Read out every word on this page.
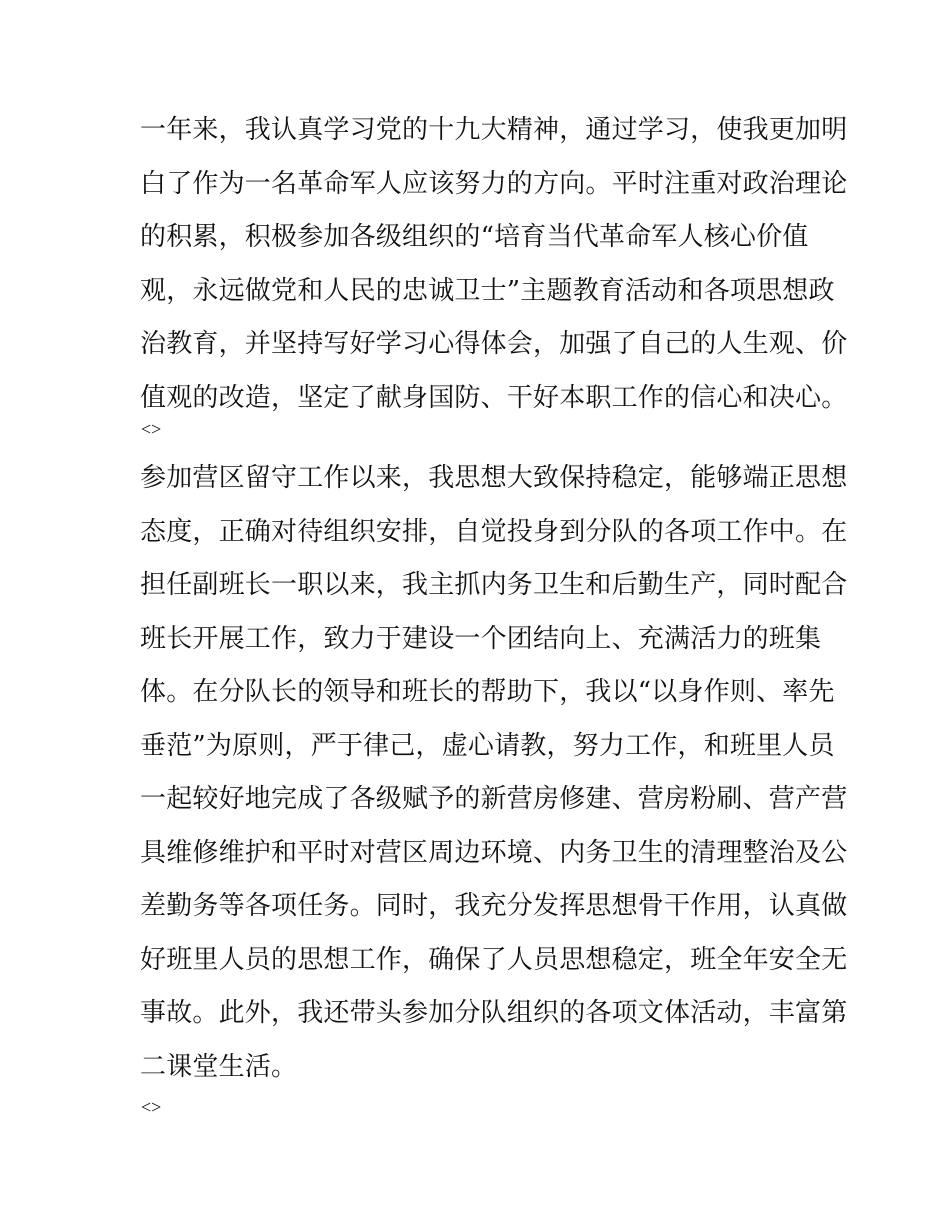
一年来，我认真学习党的十九大精神，通过学习，使我更加明

白了作为一名革命军人应该努力的方向。平时注重对政治理论

的积累，积极参加各级组织的“培育当代革命军人核心价值

观，永远做党和人民的忠诚卫士”主题教育活动和各项思想政

治教育，并坚持写好学习心得体会，加强了自己的人生观、价

值观的改造，坚定了献身国防、干好本职工作的信心和决心。

<>

参加营区留守工作以来，我思想大致保持稳定，能够端正思想

态度，正确对待组织安排，自觉投身到分队的各项工作中。在

担任副班长一职以来，我主抓内务卫生和后勤生产，同时配合

班长开展工作，致力于建设一个团结向上、充满活力的班集

体。在分队长的领导和班长的帮助下，我以“以身作则、率先

垂范”为原则，严于律己，虚心请教，努力工作，和班里人员

一起较好地完成了各级赋予的新营房修建、营房粉刷、营产营

具维修维护和平时对营区周边环境、内务卫生的清理整治及公

差勤务等各项任务。同时，我充分发挥思想骨干作用，认真做

好班里人员的思想工作，确保了人员思想稳定，班全年安全无

事故。此外，我还带头参加分队组织的各项文体活动，丰富第

二课堂生活。

<>
